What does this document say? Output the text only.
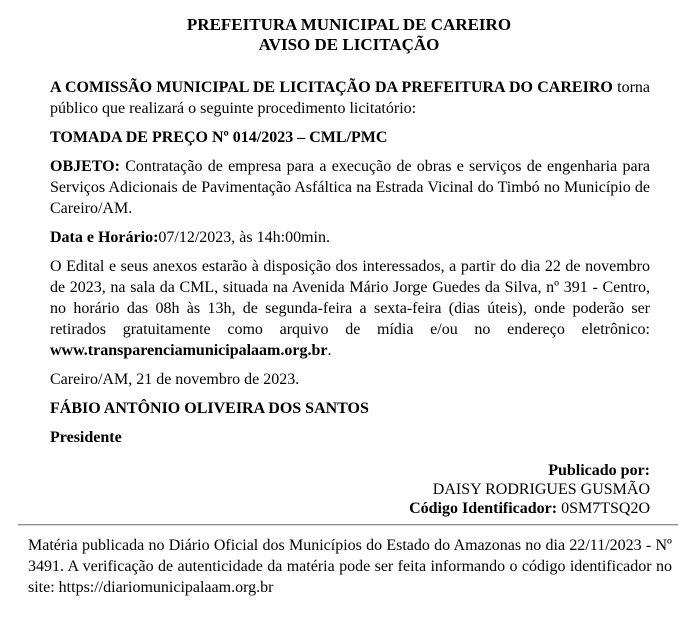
PREFEITURA MUNICIPAL DE CAREIRO
AVISO DE LICITAÇÃO

A COMISSÃO MUNICIPAL DE LICITAÇÃO DA PREFEITURA DO CAREIRO torna público que realizará o seguinte procedimento licitatório:

TOMADA DE PREÇO Nº 014/2023 – CML/PMC

OBJETO: Contratação de empresa para a execução de obras e serviços de engenharia para Serviços Adicionais de Pavimentação Asfáltica na Estrada Vicinal do Timbó no Município de Careiro/AM.

Data e Horário:07/12/2023, às 14h:00min.

O Edital e seus anexos estarão à disposição dos interessados, a partir do dia 22 de novembro de 2023, na sala da CML, situada na Avenida Mário Jorge Guedes da Silva, nº 391 - Centro, no horário das 08h às 13h, de segunda-feira a sexta-feira (dias úteis), onde poderão ser retirados gratuitamente como arquivo de mídia e/ou no endereço eletrônico: www.transparenciamunicipalaam.org.br.

Careiro/AM, 21 de novembro de 2023.

FÁBIO ANTÔNIO OLIVEIRA DOS SANTOS

Presidente

Publicado por:
DAISY RODRIGUES GUSMÃO
Código Identificador: 0SM7TSQ2O
Matéria publicada no Diário Oficial dos Municípios do Estado do Amazonas no dia 22/11/2023 - Nº 3491. A verificação de autenticidade da matéria pode ser feita informando o código identificador no site: https://diariomunicipalaam.org.br
